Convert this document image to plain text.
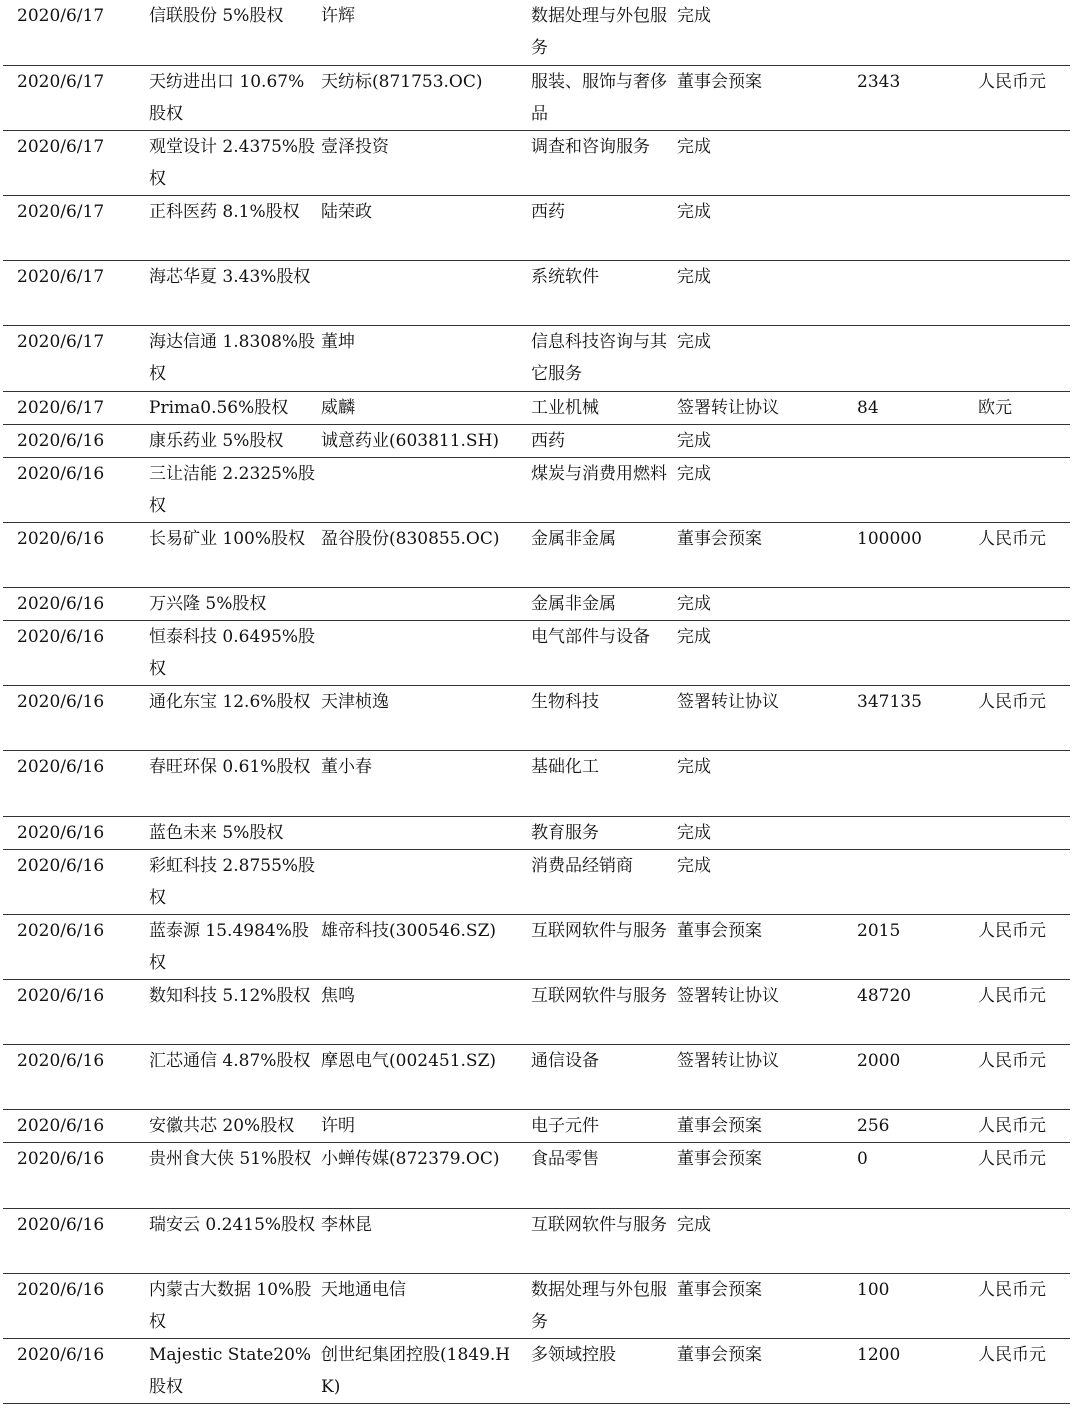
2020/6/17	信联股份 5%股权	许辉	数据处理与外包服务	完成		
2020/6/17	天纺进出口 10.67%股权	天纺标(871753.OC)	服装、服饰与奢侈品	董事会预案	2343	人民币元
2020/6/17	观堂设计 2.4375%股权	壹泽投资	调查和咨询服务	完成		
2020/6/17	正科医药 8.1%股权	陆荣政	西药	完成		
2020/6/17	海芯华夏 3.43%股权		系统软件	完成		
2020/6/17	海达信通 1.8308%股权	董坤	信息科技咨询与其它服务	完成		
2020/6/17	Prima0.56%股权	威麟	工业机械	签署转让协议	84	欧元
2020/6/16	康乐药业 5%股权	诚意药业(603811.SH)	西药	完成		
2020/6/16	三让洁能 2.2325%股权		煤炭与消费用燃料	完成		
2020/6/16	长易矿业 100%股权	盈谷股份(830855.OC)	金属非金属	董事会预案	100000	人民币元
2020/6/16	万兴隆 5%股权		金属非金属	完成		
2020/6/16	恒泰科技 0.6495%股权		电气部件与设备	完成		
2020/6/16	通化东宝 12.6%股权	天津桢逸	生物科技	签署转让协议	347135	人民币元
2020/6/16	春旺环保 0.61%股权	董小春	基础化工	完成		
2020/6/16	蓝色未来 5%股权		教育服务	完成		
2020/6/16	彩虹科技 2.8755%股权		消费品经销商	完成		
2020/6/16	蓝泰源 15.4984%股权	雄帝科技(300546.SZ)	互联网软件与服务	董事会预案	2015	人民币元
2020/6/16	数知科技 5.12%股权	焦鸣	互联网软件与服务	签署转让协议	48720	人民币元
2020/6/16	汇芯通信 4.87%股权	摩恩电气(002451.SZ)	通信设备	签署转让协议	2000	人民币元
2020/6/16	安徽共芯 20%股权	许明	电子元件	董事会预案	256	人民币元
2020/6/16	贵州食大侠 51%股权	小蝉传媒(872379.OC)	食品零售	董事会预案	0	人民币元
2020/6/16	瑞安云 0.2415%股权	李林昆	互联网软件与服务	完成		
2020/6/16	内蒙古大数据 10%股权	天地通电信	数据处理与外包服务	董事会预案	100	人民币元
2020/6/16	Majestic State20%股权	创世纪集团控股(1849.HK)	多领域控股	董事会预案	1200	人民币元
